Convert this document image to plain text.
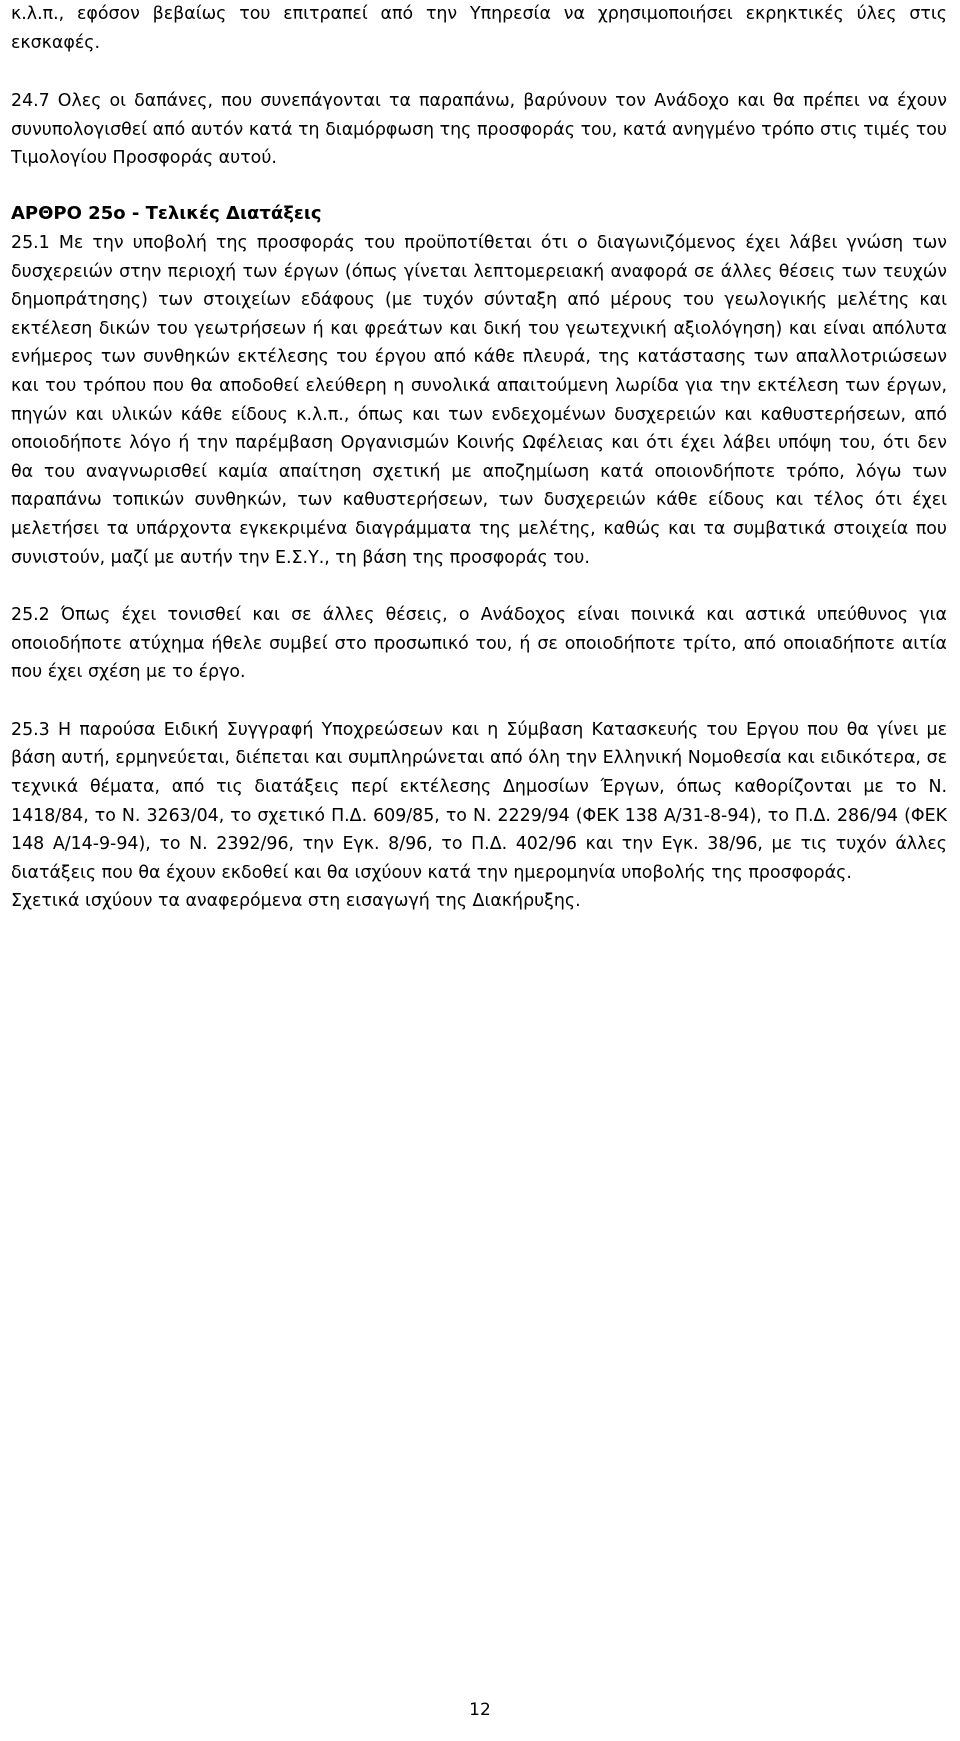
κ.λ.π., εφόσον βεβαίως του επιτραπεί από την Υπηρεσία να χρησιμοποιήσει εκρηκτικές ύλες στις εκσκαφές.

24.7 Ολες οι δαπάνες, που συνεπάγονται τα παραπάνω, βαρύνουν τον Ανάδοχο και θα πρέπει να έχουν συνυπολογισθεί από αυτόν κατά τη διαμόρφωση της προσφοράς του, κατά ανηγμένο τρόπο στις τιμές του Τιμολογίου Προσφοράς αυτού.

ΑΡΘΡΟ 25ο - Τελικές Διατάξεις

25.1 Με την υποβολή της προσφοράς του προϋποτίθεται ότι ο διαγωνιζόμενος έχει λάβει γνώση των δυσχερειών στην περιοχή των έργων (όπως γίνεται λεπτομερειακή αναφορά σε άλλες θέσεις των τευχών δημοπράτησης) των στοιχείων εδάφους (με τυχόν σύνταξη από μέρους του γεωλογικής μελέτης και εκτέλεση δικών του γεωτρήσεων ή και φρεάτων και δική του γεωτεχνική αξιολόγηση) και είναι απόλυτα ενήμερος των συνθηκών εκτέλεσης του έργου από κάθε πλευρά, της κατάστασης των απαλλοτριώσεων και του τρόπου που θα αποδοθεί ελεύθερη η συνολικά απαιτούμενη λωρίδα για την εκτέλεση των έργων, πηγών και υλικών κάθε είδους κ.λ.π., όπως και των ενδεχομένων δυσχερειών και καθυστερήσεων, από οποιοδήποτε λόγο ή την παρέμβαση Οργανισμών Κοινής Ωφέλειας και ότι έχει λάβει υπόψη του, ότι δεν θα του αναγνωρισθεί καμία απαίτηση σχετική με αποζημίωση κατά οποιονδήποτε τρόπο, λόγω των παραπάνω τοπικών συνθηκών, των καθυστερήσεων, των δυσχερειών κάθε είδους και τέλος ότι έχει μελετήσει τα υπάρχοντα εγκεκριμένα διαγράμματα της μελέτης, καθώς και τα συμβατικά στοιχεία που συνιστούν, μαζί με αυτήν την Ε.Σ.Υ., τη βάση της προσφοράς του.

25.2 Όπως έχει τονισθεί και σε άλλες θέσεις, ο Ανάδοχος είναι ποινικά και αστικά υπεύθυνος για οποιοδήποτε ατύχημα ήθελε συμβεί στο προσωπικό του, ή σε οποιοδήποτε τρίτο, από οποιαδήποτε αιτία που έχει σχέση με το έργο.

25.3 Η παρούσα Ειδική Συγγραφή Υποχρεώσεων και η Σύμβαση Κατασκευής του Εργου που θα γίνει με βάση αυτή, ερμηνεύεται, διέπεται και συμπληρώνεται από όλη την Ελληνική Νομοθεσία και ειδικότερα, σε τεχνικά θέματα, από τις διατάξεις περί εκτέλεσης Δημοσίων Έργων, όπως καθορίζονται με το Ν. 1418/84, το Ν. 3263/04, το σχετικό Π.Δ. 609/85, το Ν. 2229/94 (ΦΕΚ 138 Α/31-8-94), το Π.Δ. 286/94 (ΦΕΚ 148 Α/14-9-94), το Ν. 2392/96, την Εγκ. 8/96, το Π.Δ. 402/96 και την Εγκ. 38/96, με τις τυχόν άλλες διατάξεις που θα έχουν εκδοθεί και θα ισχύουν κατά την ημερομηνία υποβολής της προσφοράς.

Σχετικά ισχύουν τα αναφερόμενα στη εισαγωγή της Διακήρυξης.

12
